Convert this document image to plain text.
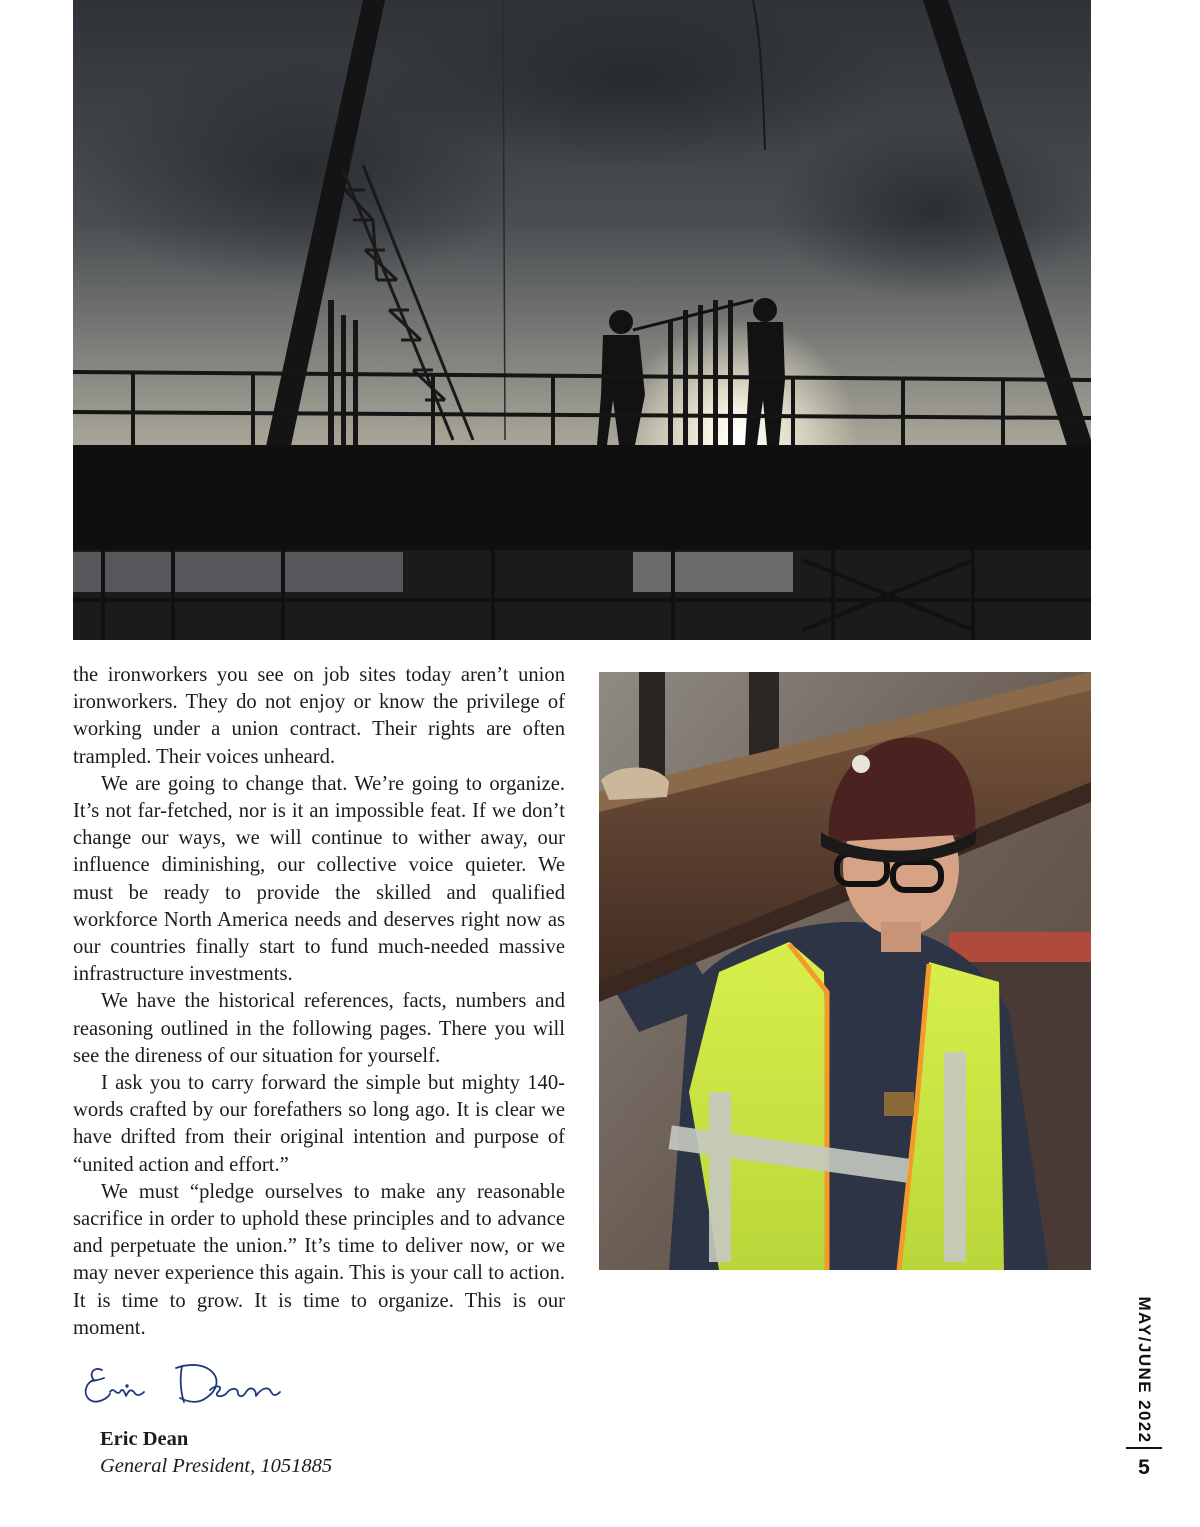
the ironworkers you see on job sites today aren’t union ironworkers. They do not enjoy or know the privilege of working under a union contract. Their rights are often trampled. Their voices unheard.

We are going to change that. We’re going to organize. It’s not far-fetched, nor is it an impossible feat. If we don’t change our ways, we will continue to wither away, our influence diminishing, our collective voice quieter. We must be ready to provide the skilled and qualified workforce North America needs and deserves right now as our countries finally start to fund much-needed massive infrastructure investments.

We have the historical references, facts, numbers and reasoning outlined in the following pages. There you will see the direness of our situation for yourself.

I ask you to carry forward the simple but mighty 140-words crafted by our forefathers so long ago. It is clear we have drifted from their original intention and purpose of “united action and effort.”

We must “pledge ourselves to make any reasonable sacrifice in order to uphold these principles and to advance and perpetuate the union.” It’s time to deliver now, or we may never experience this again. This is your call to action. It is time to grow. It is time to organize. This is our moment.

Eric Dean
General President, 1051885
MAY/JUNE 2022
5
